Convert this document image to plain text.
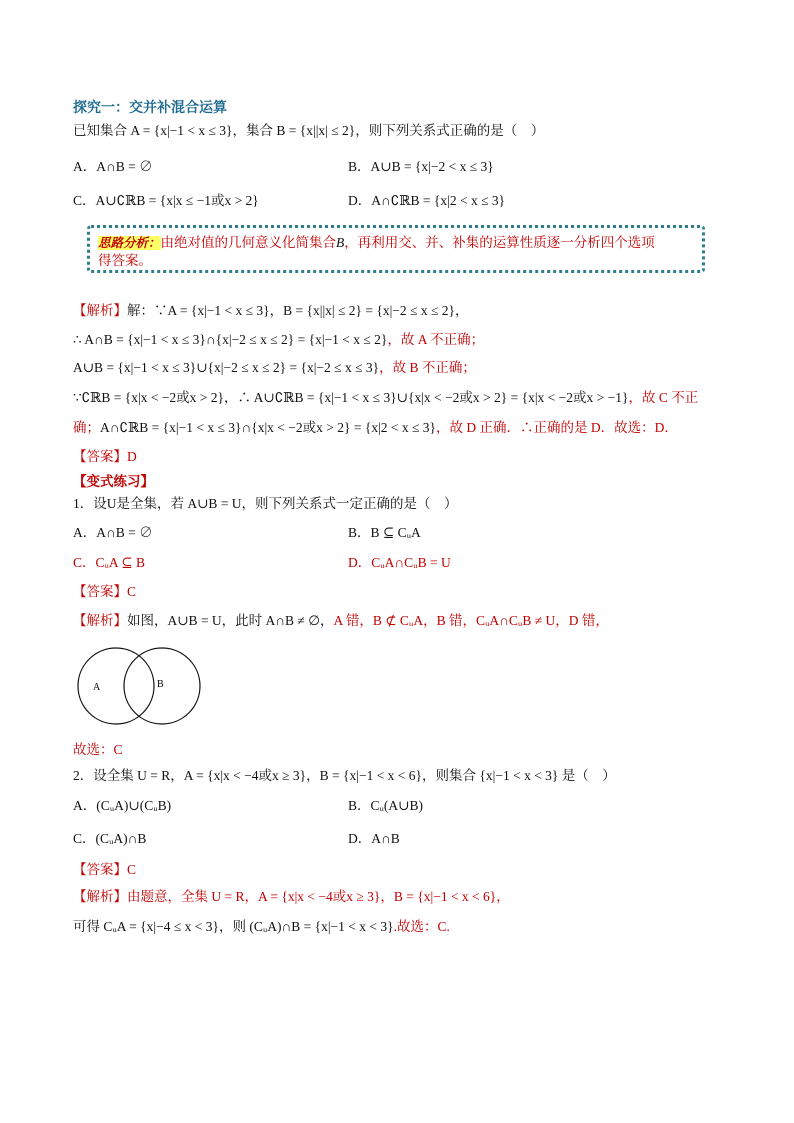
探究一：交并补混合运算
已知集合 A = {x|−1 < x ≤ 3}，集合 B = {x||x| ≤ 2}，则下列关系式正确的是（　）
A．A∩B = ∅	B．A∪B = {x|−2 < x ≤ 3}
C．A∪∁ℝB = {x|x ≤ −1或x > 2}	D．A∩∁ℝB = {x|2 < x ≤ 3}
思路分析：由绝对值的几何意义化简集合B，再利用交、并、补集的运算性质逐一分析四个选项
得答案。
【解析】解：∵A = {x|−1 < x ≤ 3}，B = {x||x| ≤ 2} = {x|−2 ≤ x ≤ 2}，
∴ A∩B = {x|−1 < x ≤ 3}∩{x|−2 ≤ x ≤ 2} = {x|−1 < x ≤ 2}，故 A 不正确；
A∪B = {x|−1 < x ≤ 3}∪{x|−2 ≤ x ≤ 2} = {x|−2 ≤ x ≤ 3}，故 B 不正确；
∵∁ℝB = {x|x < −2或x > 2}，∴ A∪∁ℝB = {x|−1 < x ≤ 3}∪{x|x < −2或x > 2} = {x|x < −2或x > −1}，故 C 不正
确；A∩∁ℝB = {x|−1 < x ≤ 3}∩{x|x < −2或x > 2} = {x|2 < x ≤ 3}，故 D 正确．∴正确的是 D．故选：D．
【答案】D
【变式练习】
1．设U是全集，若 A∪B = U，则下列关系式一定正确的是（　）
A．A∩B = ∅	B．B ⊆ CᵤA
C．CᵤA ⊆ B	D．CᵤA∩CᵤB = U
【答案】C
【解析】如图，A∪B = U，此时 A∩B ≠ ∅，A 错，B ⊄ CᵤA，B 错，CᵤA∩CᵤB ≠ U，D 错，
A	B
故选：C
2．设全集 U = R，A = {x|x < −4或x ≥ 3}，B = {x|−1 < x < 6}，则集合 {x|−1 < x < 3} 是（　）
A．(CᵤA)∪(CᵤB)	B．Cᵤ(A∪B)
C．(CᵤA)∩B	D．A∩B
【答案】C
【解析】由题意，全集 U = R，A = {x|x < −4或x ≥ 3}，B = {x|−1 < x < 6}，
可得 CᵤA = {x|−4 ≤ x < 3}，则 (CᵤA)∩B = {x|−1 < x < 3}.故选：C.
